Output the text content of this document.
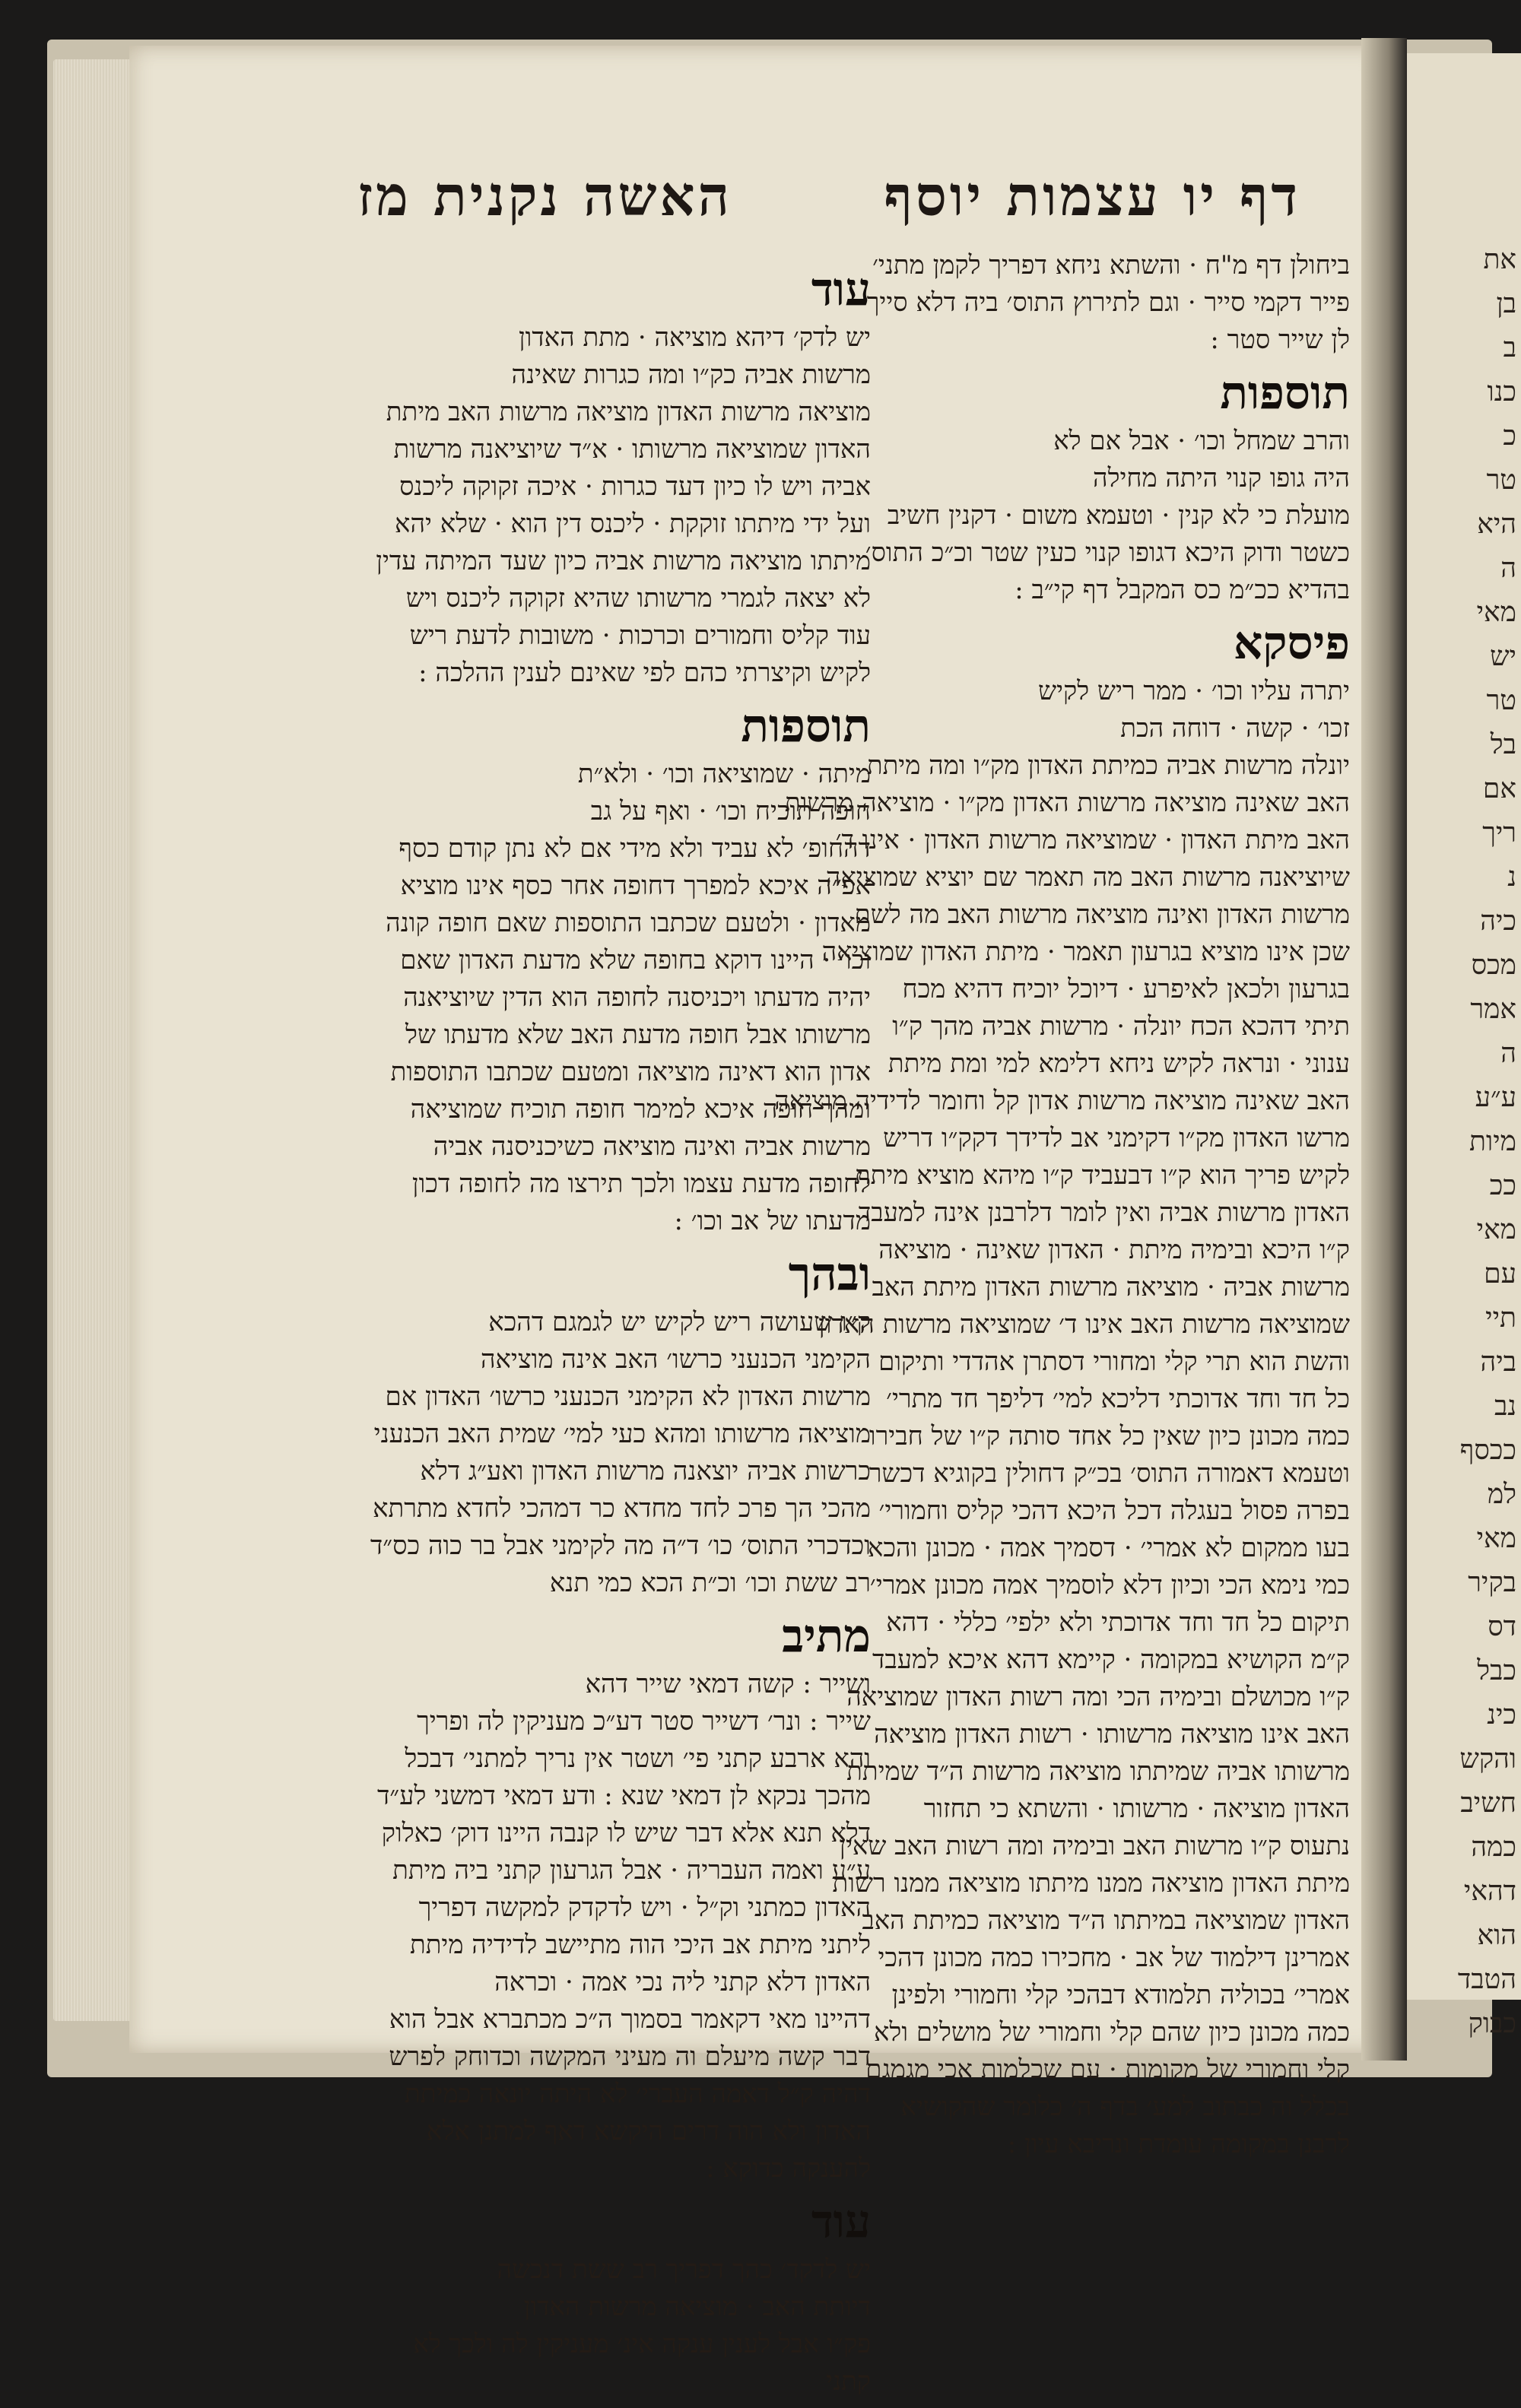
את
בן
ב
כנו
כ
טר
היא
ה
מאי
יש
טר
בל
אם
ריך
נ
כיה
מכס
אמר
ה
ע״ע
מיות
ככ
מאי
עם
תיי
ביה
נב
ככסף
למ
מאי
בקיר
דס
כבל
כינ
והקש
חשיב
כמה
דהאי
הוא
הטבד
כבוק
דף יו עצמות יוסף
האשה נקנית מז
ביחולן דף מ"ח · והשתא ניחא דפריך לקמן מתני׳
פייר דקמי סייר · וגם לתירוץ התוס׳ ביה דלא סייך
לן שייר סטר :
תוספות
והרב שמחל וכו׳ · אבל אם לא
היה גופו קנוי היתה מחילה
מועלת כי לא קנין · וטעמא משום · דקנין חשיב
כשטר ודוק היכא דגופו קנוי כעין שטר וכ״כ התוס׳
בהדיא ככ״מ כס המקבל דף קי״ב :
פיסקא
יתרה עליו וכו׳ · ממר ריש לקיש
זכו׳ · קשה · דוחה הכת
יונלה מרשות אביה כמיתת האדון מק״ו ומה מיתת
האב שאינה מוציאה מרשות האדון מק״ו · מוציאה מרשות
האב מיתת האדון · שמוציאה מרשות האדון · אינו ד׳
שיוציאנה מרשות האב מה תאמר שם יוציא שמוציאה
מרשות האדון ואינה מוציאה מרשות האב מה לשם
שכן אינו מוציא בגרעון תאמר · מיתת האדון שמוציאה
בגרעון ולכאן לאיפרע · דיוכל יוכיח דהיא מכח
תיתי דהכא הכח יונלה · מרשות אביה מהך ק״ו
ענוני · ונראה לקיש ניחא דלימא למי ומת מיתת
האב שאינה מוציאה מרשות אדון קל וחומר לדידיה מוציאה
מרשו האדון מק״ו דקימני אב לדידך דקק״ו דריש
לקיש פריך הוא ק״ו דבעביד ק״ו מיהא מוציא מיתת
האדון מרשות אביה ואין לומר דלרבנן אינה למעבד
ק״ו היכא ובימיה מיתת · האדון שאינה · מוציאה
מרשות אביה · מוציאה מרשות האדון מיתת האב
שמוציאה מרשות האב אינו ד׳ שמוציאה מרשות האדון
והשת הוא תרי קלי ומחורי דסתרן אהדדי ותיקום
כל חד וחד אדוכתי דליכא למי׳ דליפך חד מתרי׳
כמה מכונן כיון שאין כל אחד סותה ק״ו של חבירו
וטעמא דאמורה התוס׳ בכ״ק דחולין בקוגיא דכשר
בפרה פסול בעגלה דכל היכא דהכי קליס וחמורי׳
בעו ממקום לא אמרי׳ · דסמיך אמה · מכונן והכא
כמי נימא הכי וכיון דלא לוסמיך אמה מכונן אמרי׳
תיקום כל חד וחד אדוכתי ולא ילפי׳ כללי · דהא
ק״מ הקושיא במקומה · קיימא דהא איכא למעבד
ק״ו מכושלם ובימיה הכי ומה רשות האדון שמוציאה
האב אינו מוציאה מרשותו · רשות האדון מוציאה
מרשותו אביה שמיתתו מוציאה מרשות ה״ד שמיתת
האדון מוציאה · מרשותו · והשתא כי תחזור
נתעוס ק״ו מרשות האב ובימיה ומה רשות האב שאין
מיתת האדון מוציאה ממנו מיתתו מוציאה ממנו רשות
האדון שמוציאה במיתתו ה״ד מוציאה כמיתת האב
אמרינן דילמוד של אב · מחכירו כמה מכונן דהכי
אמרי׳ בכוליה תלמודא דבהכי קלי וחמורי ולפינן
כמה מכונן כיון שהם קלי וחמורי של מושלים ולא
קלי וחמורי של מקומות · עם שכלמות אכי מגמגם
בכלל וה כבתוב למע׳ בדף ה׳ כלומר שהקושיא
לרבנן במקומה עומדת ונריבא עיון :
עוד
יש לדק׳ דיהא מוציאה · מתת האדון
מרשות אביה כק״ו ומה כגרות שאינה
מוציאה מרשות האדון מוציאה מרשות האב מיתת
האדון שמוציאה מרשותו · א״ד שיוציאנה מרשות
אביה ויש לו כיון דעד כגרות · איכה זקוקה ליכנס
ועל ידי מיתתו זוקקת · ליכנס דין הוא · שלא יהא
מיתתו מוציאה מרשות אביה כיון שעד המיתה עדין
לא יצאה לגמרי מרשותו שהיא זקוקה ליכנס ויש
עוד קליס וחמורים וכרכות · משובות לדעת ריש
לקיש וקיצרתי כהם לפי שאינם לענין ההלכה :
תוספות
מיתה · שמוציאה וכו׳ · ולא״ת
חופה תוכיח וכו׳ · ואף על גב
דהחופ׳ לא עביד ולא מידי אם לא נתן קודם כסף
אפ״ה איכא למפרך דחופה אחר כסף אינו מוציא
מאדון · ולטעם שכתבו התוספות שאם חופה קונה
וכו׳ · היינו דוקא בחופה שלא מדעת האדון שאם
יהיה מדעתו ויכניסנה לחופה הוא הדין שיוציאנה
מרשותו אבל חופה מדעת האב שלא מדעתו של
אדון הוא דאינה מוציאה ומטעם שכתבו התוספות
ומהך חופה איכא למימר חופה תוכיח שמוציאה
מרשות אביה ואינה מוציאה כשיכניסנה אביה
לחופה מדעת עצמו ולכך תירצו מה לחופה דכון
מדעתו של אב וכו׳ :
ובהך
ק״ו שעושה ריש לקיש יש לגמגם דהכא
הקימני הכנעני כרשו׳ האב אינה מוציאה
מרשות האדון לא הקימני הכנעני כרשו׳ האדון אם
מוציאה מרשותו ומהא כעי למי׳ שמית האב הכנעני
כרשות אביה יוצאנה מרשות האדון ואע״ג דלא
מהכי הך פרכ לחד מחדא כר דמהכי לחדא מתרתא
וכדכרי התוס׳ כו׳ ד״ה מה לקימני אבל בר כוה כס״ד
רב ששת וכו׳ וכ״ת הכא כמי תנא
מתיב
ושייר : קשה דמאי שייר דהא
שייר : ונר׳ דשייר סטר דע״כ מעניקין לה ופריך
והא ארבע קתני פי׳ ושטר אין נריך למתני׳ דבכל
מהכך נכקא לן דמאי שנא : ודע דמאי דמשני לע״ד
דלא תנא אלא דבר שיש לו קנבה היינו דוק׳ כאלוק
ע״ע ואמה העבריה · אבל הגרעון קתני ביה מיתת
האדון כמתני וק״ל · ויש לדקדק למקשה דפריך
ליתני מיתת אב היכי הוה מתיישב לדידיה מיתת
האדון דלא קתני ליה נכי אמה · וכראה
דהיינו מאי דקאמר בסמוך ה״כ מכתברא אבל הוא
דבר קשה מיעלם וה מעיני המקשה וכדוחק לפרש
דהיה ק״ל דאמה העברי׳ לא היתה יונאה כמיתת
האדון ולא הוה דרים היקשא דאף למתנן אלא
להענקה כדוקא :
עוד
יש לדקד׳ כהך דפריך רב ששת דנכשה
דיותת האב · מוציאה מרשות האדון
פק״ו אבל לענין ענקה אינ׳ מעניקין לה ולכך לא
קתני
